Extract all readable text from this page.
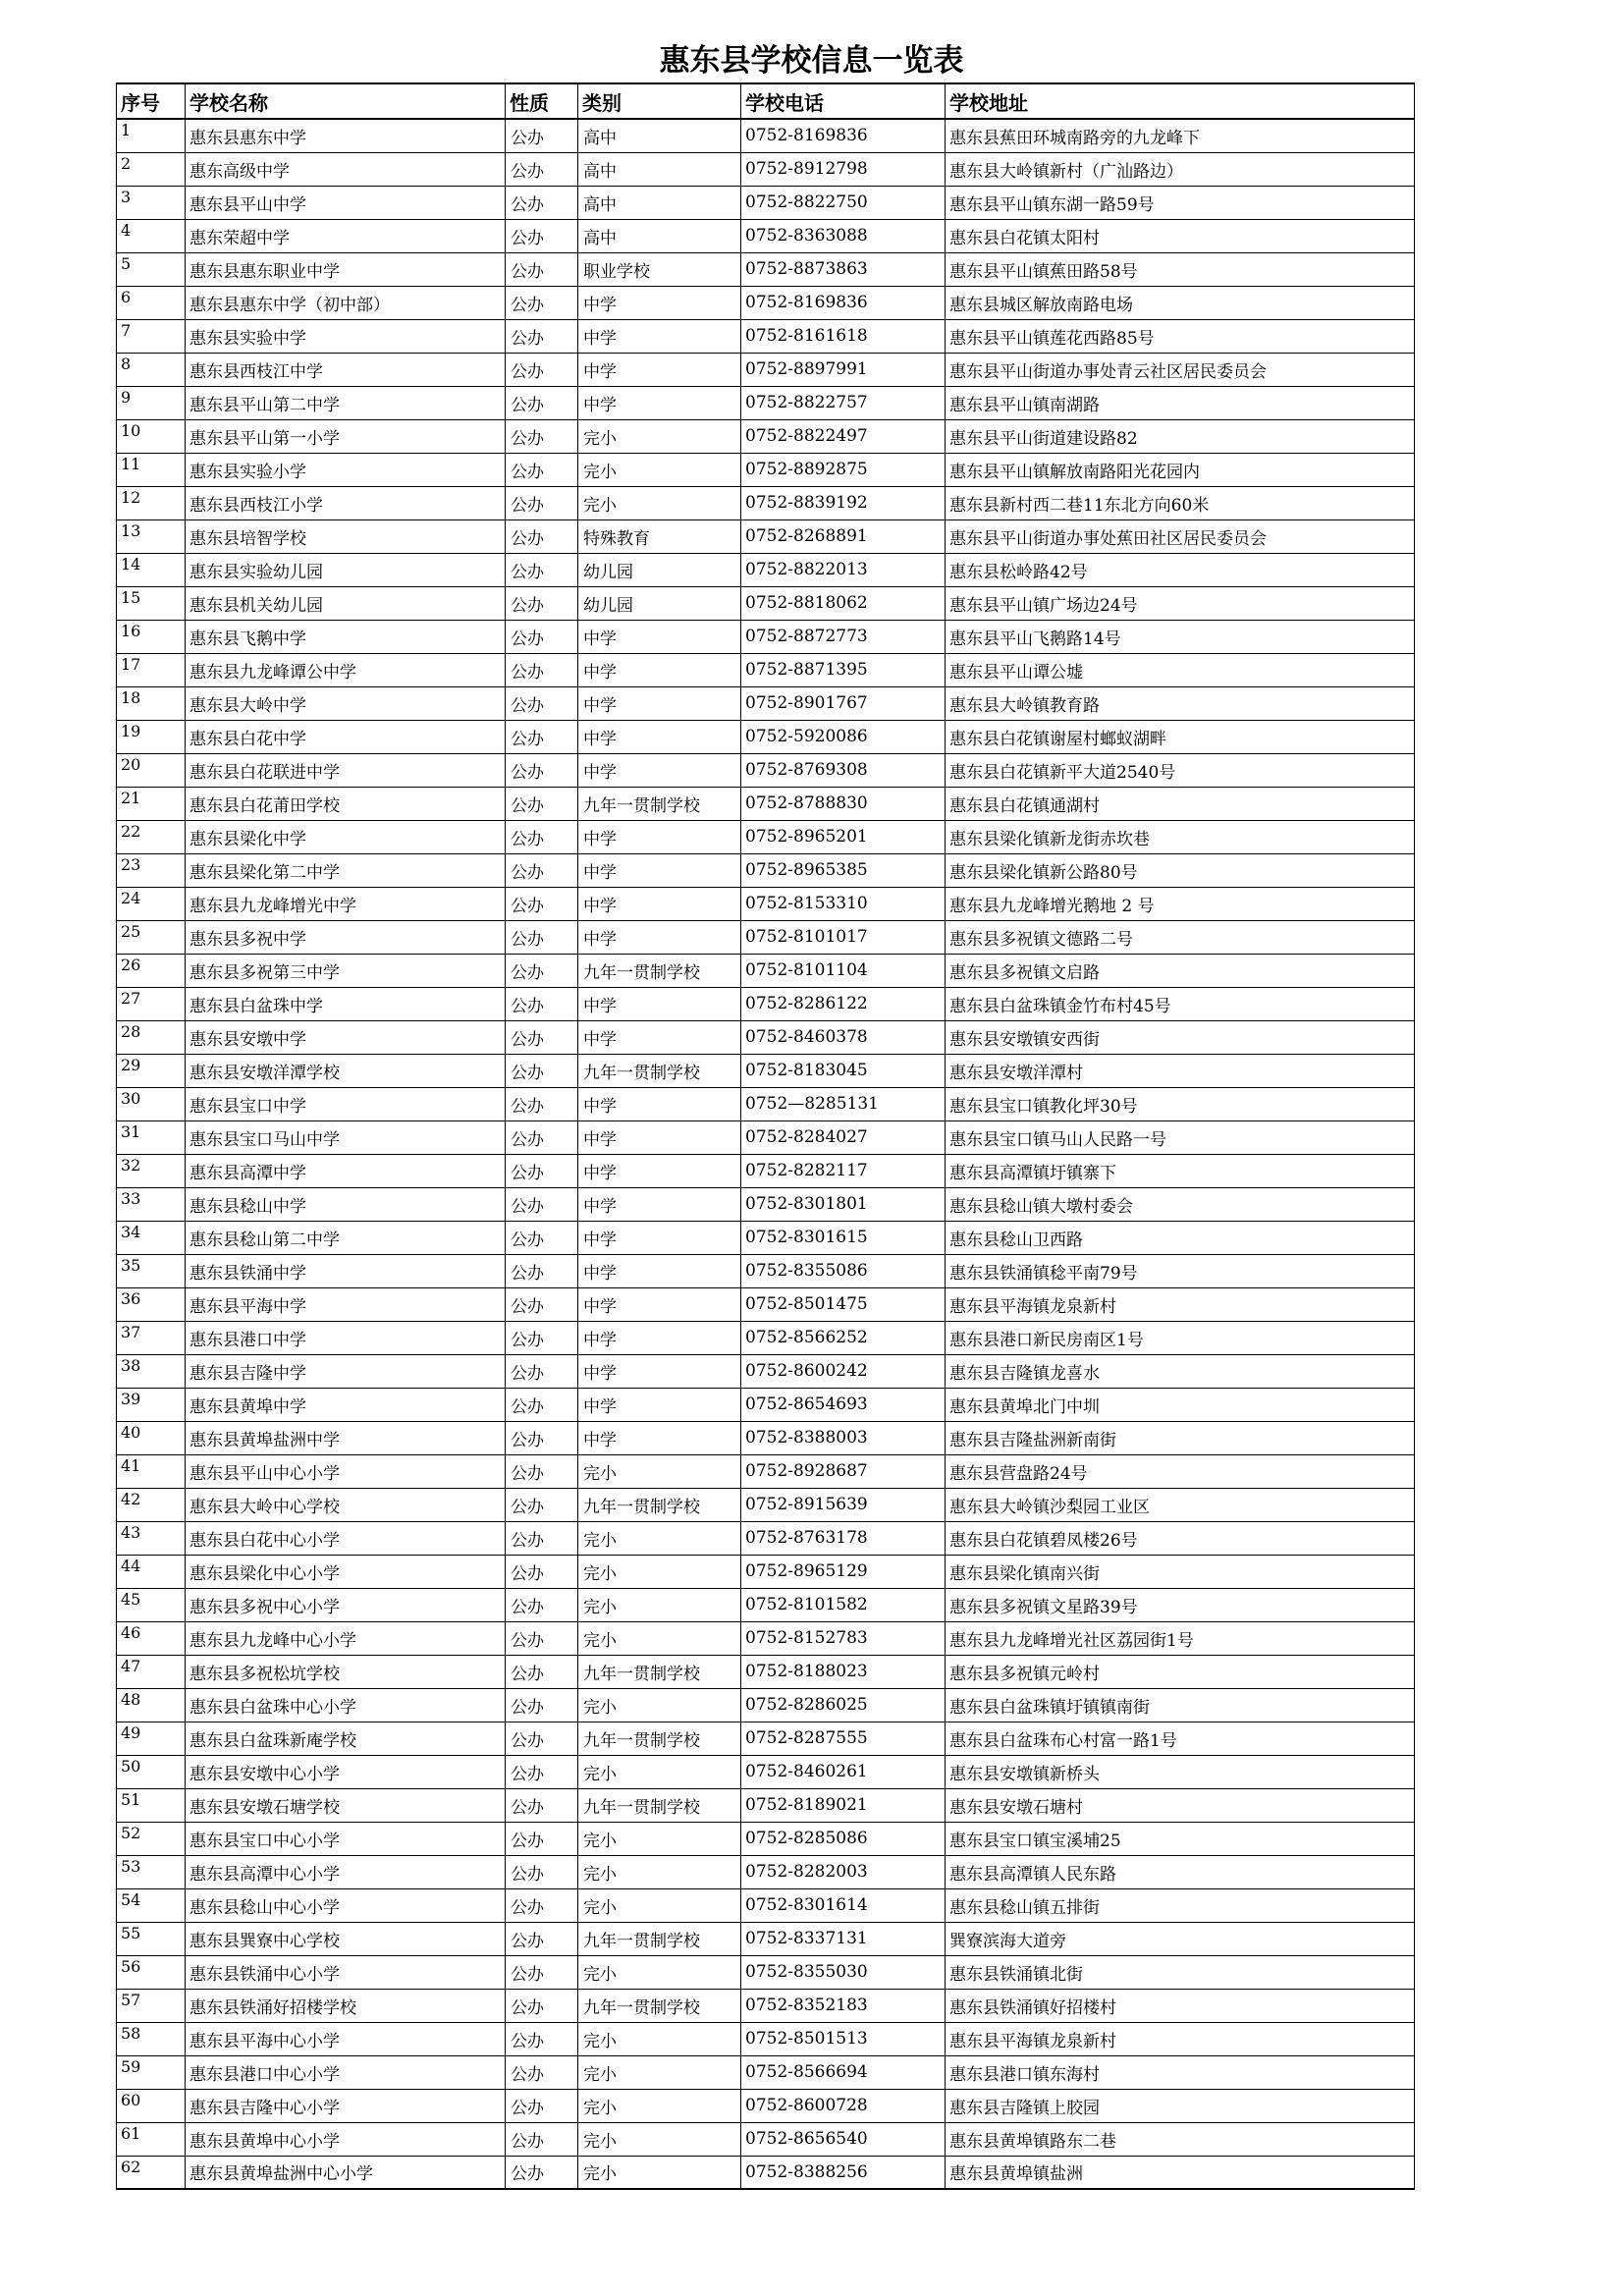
惠东县学校信息一览表
序号	学校名称	性质	类别	学校电话	学校地址
1	惠东县惠东中学	公办	高中	0752-8169836	惠东县蕉田环城南路旁的九龙峰下
2	惠东高级中学	公办	高中	0752-8912798	惠东县大岭镇新村（广汕路边）
3	惠东县平山中学	公办	高中	0752-8822750	惠东县平山镇东湖一路59号
4	惠东荣超中学	公办	高中	0752-8363088	惠东县白花镇太阳村
5	惠东县惠东职业中学	公办	职业学校	0752-8873863	惠东县平山镇蕉田路58号
6	惠东县惠东中学（初中部）	公办	中学	0752-8169836	惠东县城区解放南路电场
7	惠东县实验中学	公办	中学	0752-8161618	惠东县平山镇莲花西路85号
8	惠东县西枝江中学	公办	中学	0752-8897991	惠东县平山街道办事处青云社区居民委员会
9	惠东县平山第二中学	公办	中学	0752-8822757	惠东县平山镇南湖路
10	惠东县平山第一小学	公办	完小	0752-8822497	惠东县平山街道建设路82
11	惠东县实验小学	公办	完小	0752-8892875	惠东县平山镇解放南路阳光花园内
12	惠东县西枝江小学	公办	完小	0752-8839192	惠东县新村西二巷11东北方向60米
13	惠东县培智学校	公办	特殊教育	0752-8268891	惠东县平山街道办事处蕉田社区居民委员会
14	惠东县实验幼儿园	公办	幼儿园	0752-8822013	惠东县松岭路42号
15	惠东县机关幼儿园	公办	幼儿园	0752-8818062	惠东县平山镇广场边24号
16	惠东县飞鹅中学	公办	中学	0752-8872773	惠东县平山飞鹅路14号
17	惠东县九龙峰谭公中学	公办	中学	0752-8871395	惠东县平山谭公墟
18	惠东县大岭中学	公办	中学	0752-8901767	惠东县大岭镇教育路
19	惠东县白花中学	公办	中学	0752-5920086	惠东县白花镇谢屋村螂蚁湖畔
20	惠东县白花联进中学	公办	中学	0752-8769308	惠东县白花镇新平大道2540号
21	惠东县白花莆田学校	公办	九年一贯制学校	0752-8788830	惠东县白花镇通湖村
22	惠东县梁化中学	公办	中学	0752-8965201	惠东县梁化镇新龙街赤坎巷
23	惠东县梁化第二中学	公办	中学	0752-8965385	惠东县梁化镇新公路80号
24	惠东县九龙峰增光中学	公办	中学	0752-8153310	惠东县九龙峰增光鹅地 2 号
25	惠东县多祝中学	公办	中学	0752-8101017	惠东县多祝镇文德路二号
26	惠东县多祝第三中学	公办	九年一贯制学校	0752-8101104	惠东县多祝镇文启路
27	惠东县白盆珠中学	公办	中学	0752-8286122	惠东县白盆珠镇金竹布村45号
28	惠东县安墩中学	公办	中学	0752-8460378	惠东县安墩镇安西街
29	惠东县安墩洋潭学校	公办	九年一贯制学校	0752-8183045	惠东县安墩洋潭村
30	惠东县宝口中学	公办	中学	0752—8285131	惠东县宝口镇教化坪30号
31	惠东县宝口马山中学	公办	中学	0752-8284027	惠东县宝口镇马山人民路一号
32	惠东县高潭中学	公办	中学	0752-8282117	惠东县高潭镇圩镇寨下
33	惠东县稔山中学	公办	中学	0752-8301801	惠东县稔山镇大墩村委会
34	惠东县稔山第二中学	公办	中学	0752-8301615	惠东县稔山卫西路
35	惠东县铁涌中学	公办	中学	0752-8355086	惠东县铁涌镇稔平南79号
36	惠东县平海中学	公办	中学	0752-8501475	惠东县平海镇龙泉新村
37	惠东县港口中学	公办	中学	0752-8566252	惠东县港口新民房南区1号
38	惠东县吉隆中学	公办	中学	0752-8600242	惠东县吉隆镇龙喜水
39	惠东县黄埠中学	公办	中学	0752-8654693	惠东县黄埠北门中圳
40	惠东县黄埠盐洲中学	公办	中学	0752-8388003	惠东县吉隆盐洲新南街
41	惠东县平山中心小学	公办	完小	0752-8928687	惠东县营盘路24号
42	惠东县大岭中心学校	公办	九年一贯制学校	0752-8915639	惠东县大岭镇沙梨园工业区
43	惠东县白花中心小学	公办	完小	0752-8763178	惠东县白花镇碧凤楼26号
44	惠东县梁化中心小学	公办	完小	0752-8965129	惠东县梁化镇南兴街
45	惠东县多祝中心小学	公办	完小	0752-8101582	惠东县多祝镇文星路39号
46	惠东县九龙峰中心小学	公办	完小	0752-8152783	惠东县九龙峰增光社区荔园街1号
47	惠东县多祝松坑学校	公办	九年一贯制学校	0752-8188023	惠东县多祝镇元岭村
48	惠东县白盆珠中心小学	公办	完小	0752-8286025	惠东县白盆珠镇圩镇镇南街
49	惠东县白盆珠新庵学校	公办	九年一贯制学校	0752-8287555	惠东县白盆珠布心村富一路1号
50	惠东县安墩中心小学	公办	完小	0752-8460261	惠东县安墩镇新桥头
51	惠东县安墩石塘学校	公办	九年一贯制学校	0752-8189021	惠东县安墩石塘村
52	惠东县宝口中心小学	公办	完小	0752-8285086	惠东县宝口镇宝溪埔25
53	惠东县高潭中心小学	公办	完小	0752-8282003	惠东县高潭镇人民东路
54	惠东县稔山中心小学	公办	完小	0752-8301614	惠东县稔山镇五排街
55	惠东县巽寮中心学校	公办	九年一贯制学校	0752-8337131	巽寮滨海大道旁
56	惠东县铁涌中心小学	公办	完小	0752-8355030	惠东县铁涌镇北街
57	惠东县铁涌好招楼学校	公办	九年一贯制学校	0752-8352183	惠东县铁涌镇好招楼村
58	惠东县平海中心小学	公办	完小	0752-8501513	惠东县平海镇龙泉新村
59	惠东县港口中心小学	公办	完小	0752-8566694	惠东县港口镇东海村
60	惠东县吉隆中心小学	公办	完小	0752-8600728	惠东县吉隆镇上胶园
61	惠东县黄埠中心小学	公办	完小	0752-8656540	惠东县黄埠镇路东二巷
62	惠东县黄埠盐洲中心小学	公办	完小	0752-8388256	惠东县黄埠镇盐洲
